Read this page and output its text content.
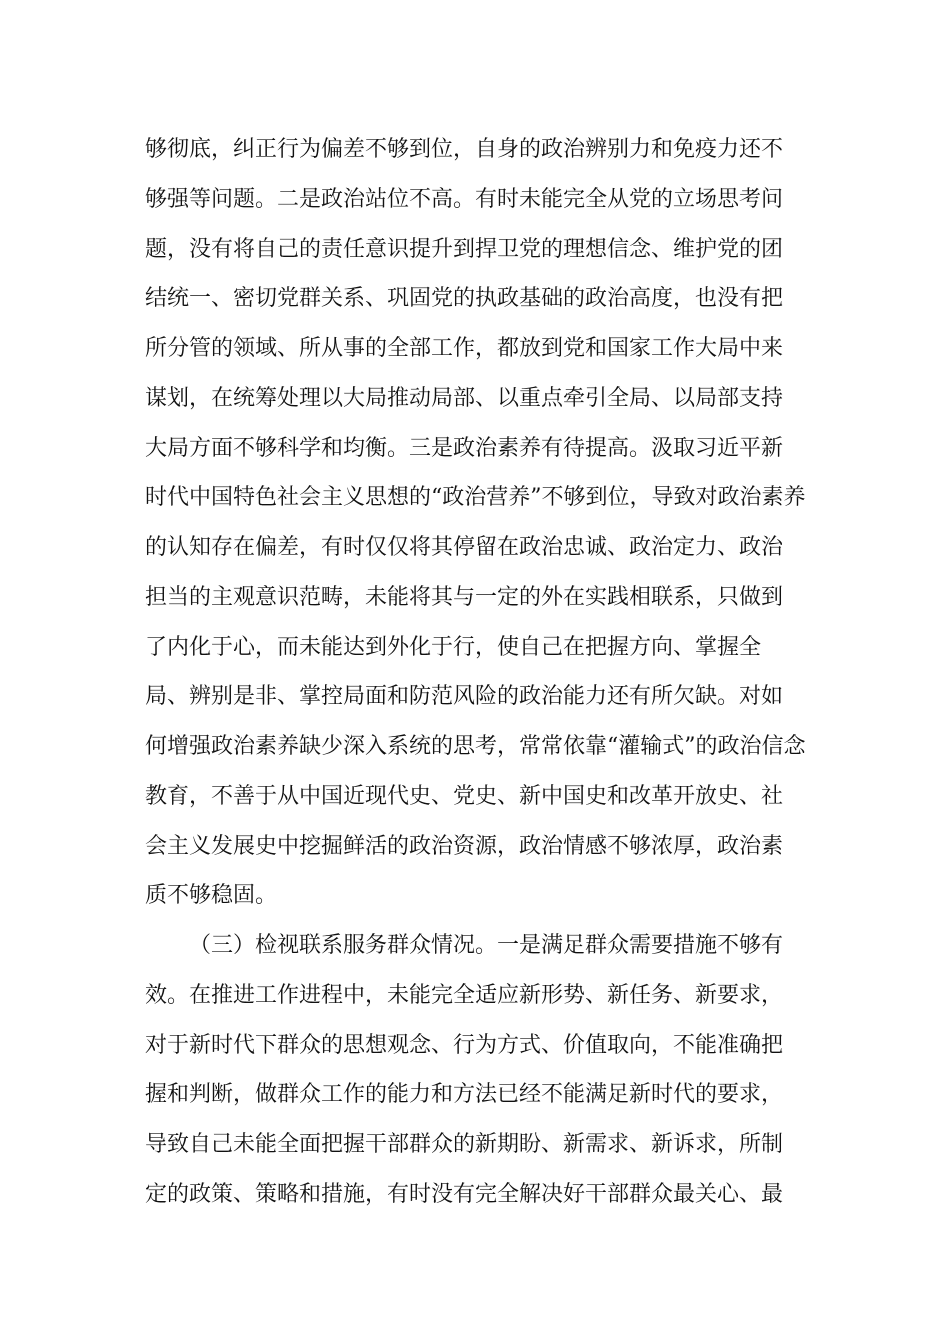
够彻底，纠正行为偏差不够到位，自身的政治辨别力和免疫力还不
够强等问题。二是政治站位不高。有时未能完全从党的立场思考问
题，没有将自己的责任意识提升到捍卫党的理想信念、维护党的团
结统一、密切党群关系、巩固党的执政基础的政治高度，也没有把
所分管的领域、所从事的全部工作，都放到党和国家工作大局中来
谋划，在统筹处理以大局推动局部、以重点牵引全局、以局部支持
大局方面不够科学和均衡。三是政治素养有待提高。汲取习近平新
时代中国特色社会主义思想的“政治营养”不够到位，导致对政治素养
的认知存在偏差，有时仅仅将其停留在政治忠诚、政治定力、政治
担当的主观意识范畴，未能将其与一定的外在实践相联系，只做到
了内化于心，而未能达到外化于行，使自己在把握方向、掌握全
局、辨别是非、掌控局面和防范风险的政治能力还有所欠缺。对如
何增强政治素养缺少深入系统的思考，常常依靠“灌输式”的政治信念
教育，不善于从中国近现代史、党史、新中国史和改革开放史、社
会主义发展史中挖掘鲜活的政治资源，政治情感不够浓厚，政治素
质不够稳固。
（三）检视联系服务群众情况。一是满足群众需要措施不够有
效。在推进工作进程中，未能完全适应新形势、新任务、新要求，
对于新时代下群众的思想观念、行为方式、价值取向，不能准确把
握和判断，做群众工作的能力和方法已经不能满足新时代的要求，
导致自己未能全面把握干部群众的新期盼、新需求、新诉求，所制
定的政策、策略和措施，有时没有完全解决好干部群众最关心、最
